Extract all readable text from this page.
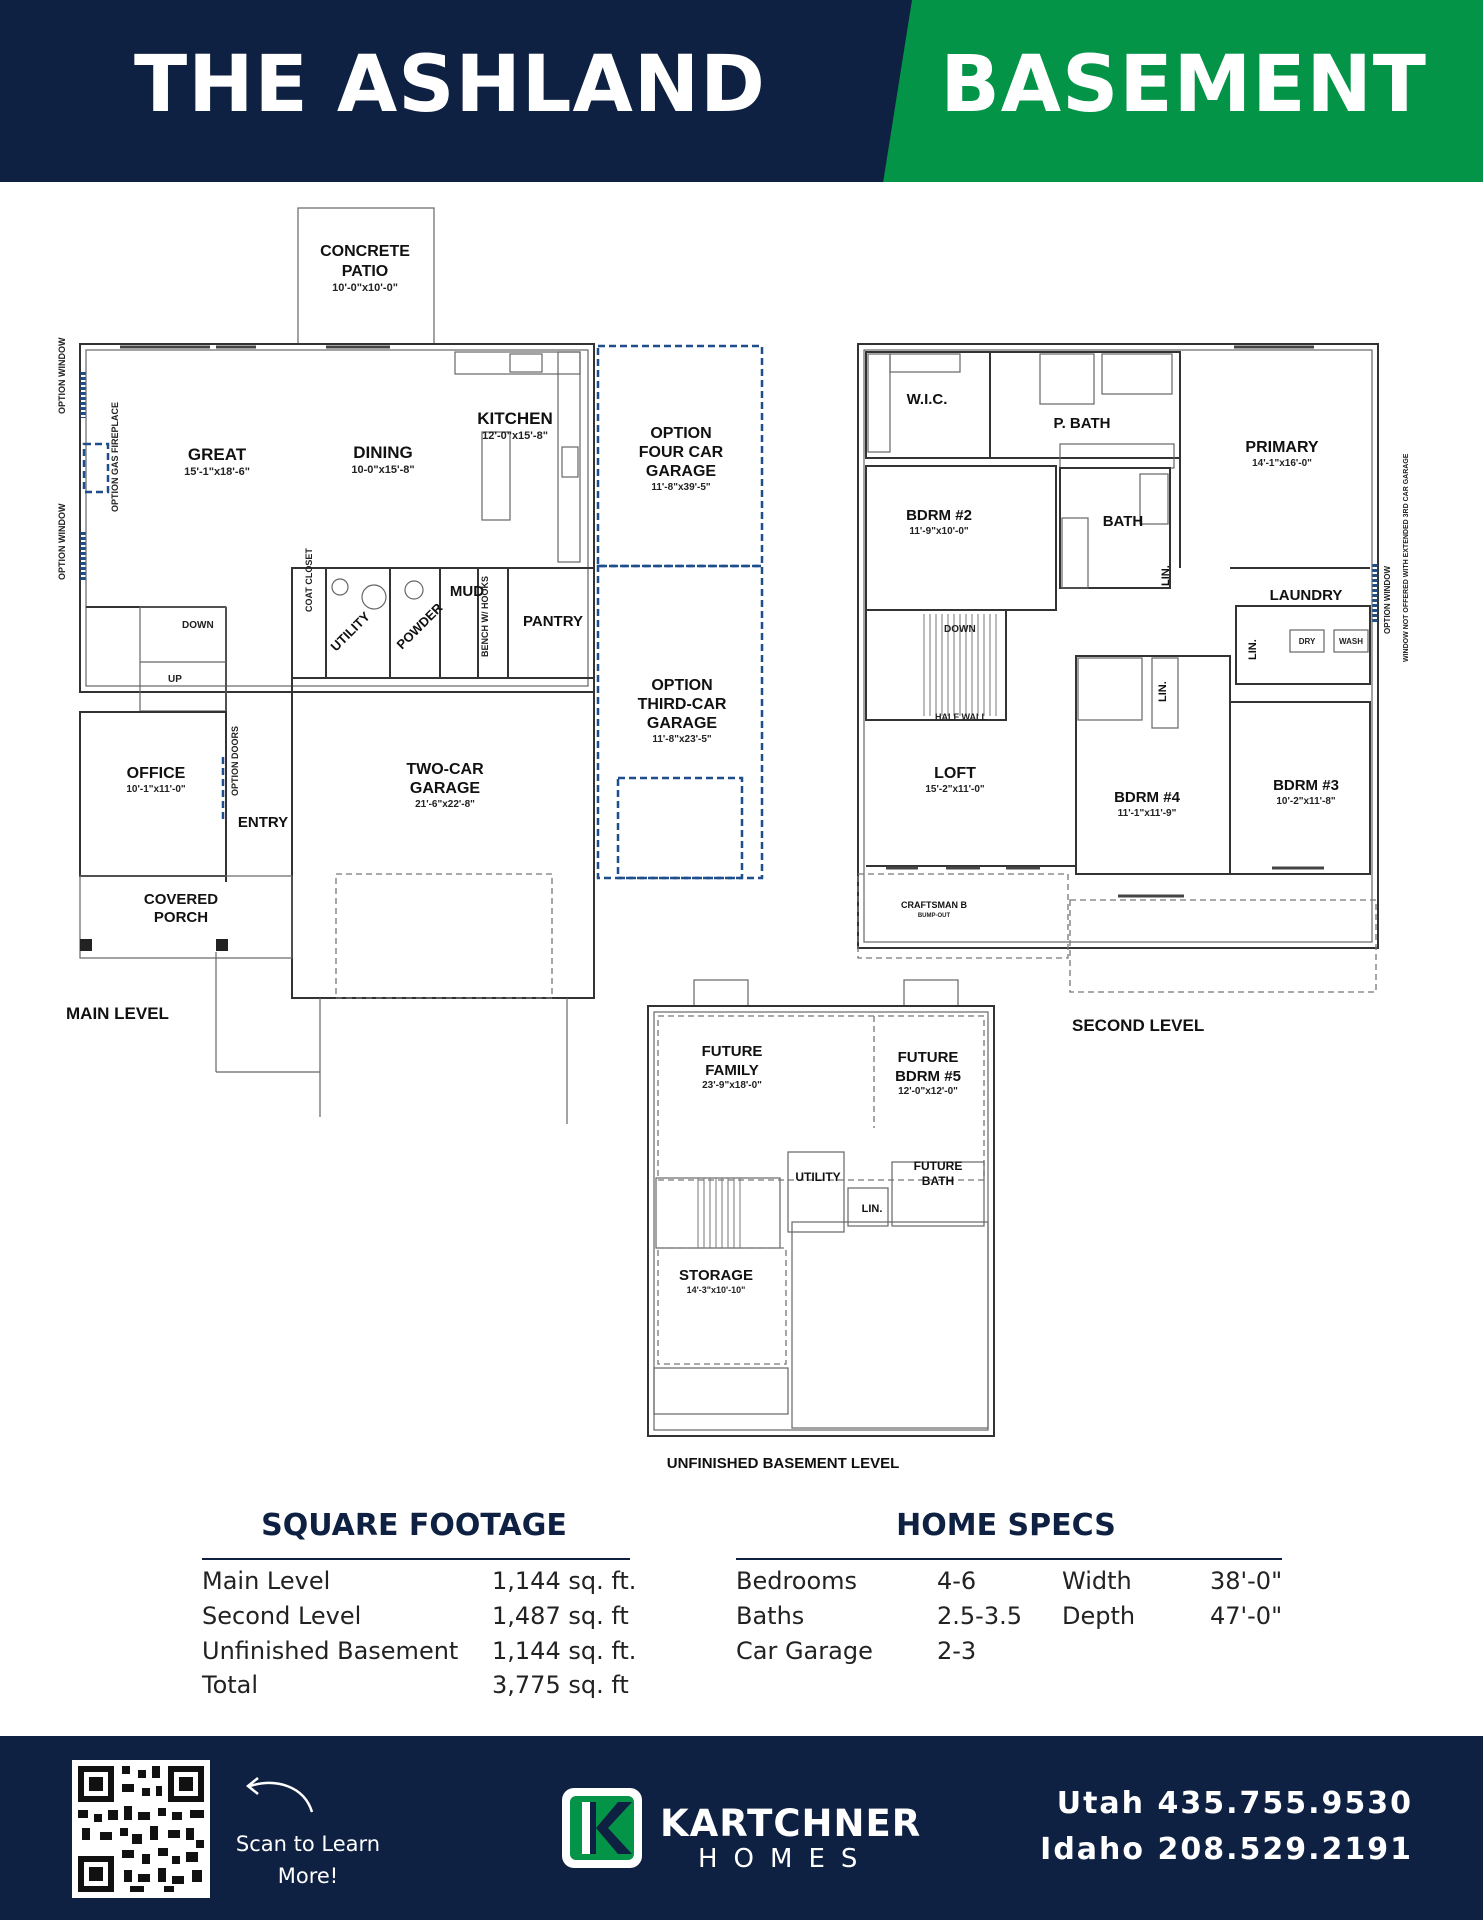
THE ASHLAND BASEMENT
CONCRETE PATIO
10'-0"x10'-0"
GREAT
15'-1"x18'-6"
DINING
10-0"x15'-8"
KITCHEN
12'-0"x15'-8"
OPTION WINDOW
OPTION WINDOW
OPTION GAS FIREPLACE
COAT CLOSET
UTILITY POWDER
MUD
BENCH W/ HOOKS PANTRY
DOWN
UP
OFFICE
10'-1"x11'-0"	OPTION DOORS
ENTRY
COVERED PORCH
TWO-CAR GARAGE
21'-6"x22'-8"
OPTION FOUR CAR GARAGE
11'-8"x39'-5"
OPTION THIRD-CAR GARAGE
11'-8"x23'-5"
MAIN LEVEL
W.I.C.
P. BATH
PRIMARY
14'-1"x16'-0"
BDRM #2
11'-9"x10'-0"
BATH
LIN.
LAUNDRY
DRY	WASH
LIN.
OPTION WINDOW WINDOW NOT OFFERED WITH EXTENDED 3RD CAR GARAGE
DOWN
HALF WALL
LOFT
15'-2"x11'-0"
LIN.
BDRM #4
11'-1"x11'-9"
BDRM #3
10'-2"x11'-8"
CRAFTSMAN B
BUMP-OUT
SECOND LEVEL
FUTURE FAMILY
23'-9"x18'-0"
FUTURE BDRM #5
12'-0"x12'-0"
UTILITY
FUTURE BATH
LIN.
STORAGE
14'-3"x10'-10"
UNFINISHED BASEMENT LEVEL
SQUARE FOOTAGE
Main Level	1,144 sq. ft.
Second Level	1,487 sq. ft
Unfinished Basement 1,144 sq. ft.
Total	3,775 sq. ft
HOME SPECS
Bedrooms	4-6	Width	38'-0"
Baths	2.5-3.5 Depth	47'-0"
Car Garage	2-3
Scan to Learn More!
KARTCHNER
HOMES
Utah 435.755.9530
Idaho 208.529.2191
